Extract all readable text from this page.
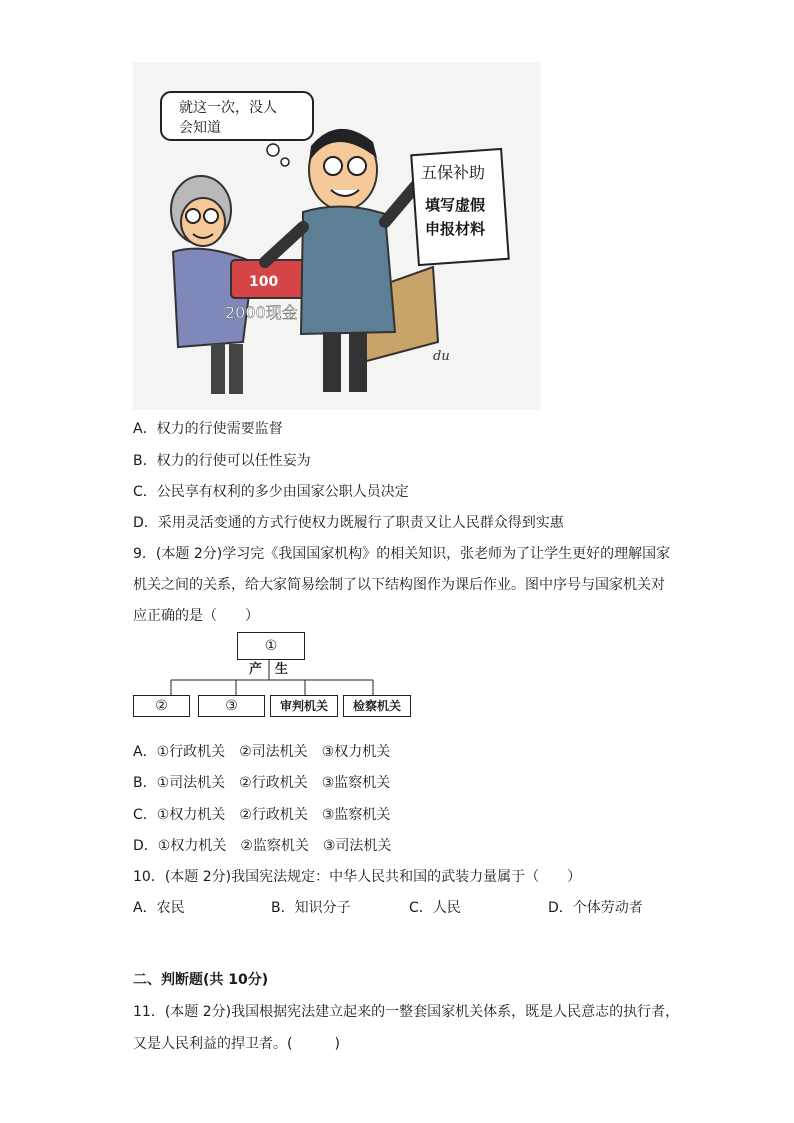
就这一次，没人
会知道
100
2000现金
五保补助
填写虚假
申报材料
du
A．权力的行使需要监督
B．权力的行使可以任性妄为
C．公民享有权利的多少由国家公职人员决定
D．采用灵活变通的方式行使权力既履行了职责又让人民群众得到实惠
9．(本题 2分)学习完《我国国家机构》的相关知识，张老师为了让学生更好的理解国家
机关之间的关系，给大家简易绘制了以下结构图作为课后作业。图中序号与国家机关对
应正确的是（　　）
①
产　生
②	③	审判机关	检察机关
A．①行政机关　②司法机关　③权力机关
B．①司法机关　②行政机关　③监察机关
C．①权力机关　②行政机关　③监察机关
D．①权力机关　②监察机关　③司法机关
10．(本题 2分)我国宪法规定：中华人民共和国的武装力量属于（　　）
A．农民	B．知识分子	C．人民	D．个体劳动者
二、判断题(共 10分)
11．(本题 2分)我国根据宪法建立起来的一整套国家机关体系，既是人民意志的执行者，
又是人民利益的捍卫者。(　　　)
